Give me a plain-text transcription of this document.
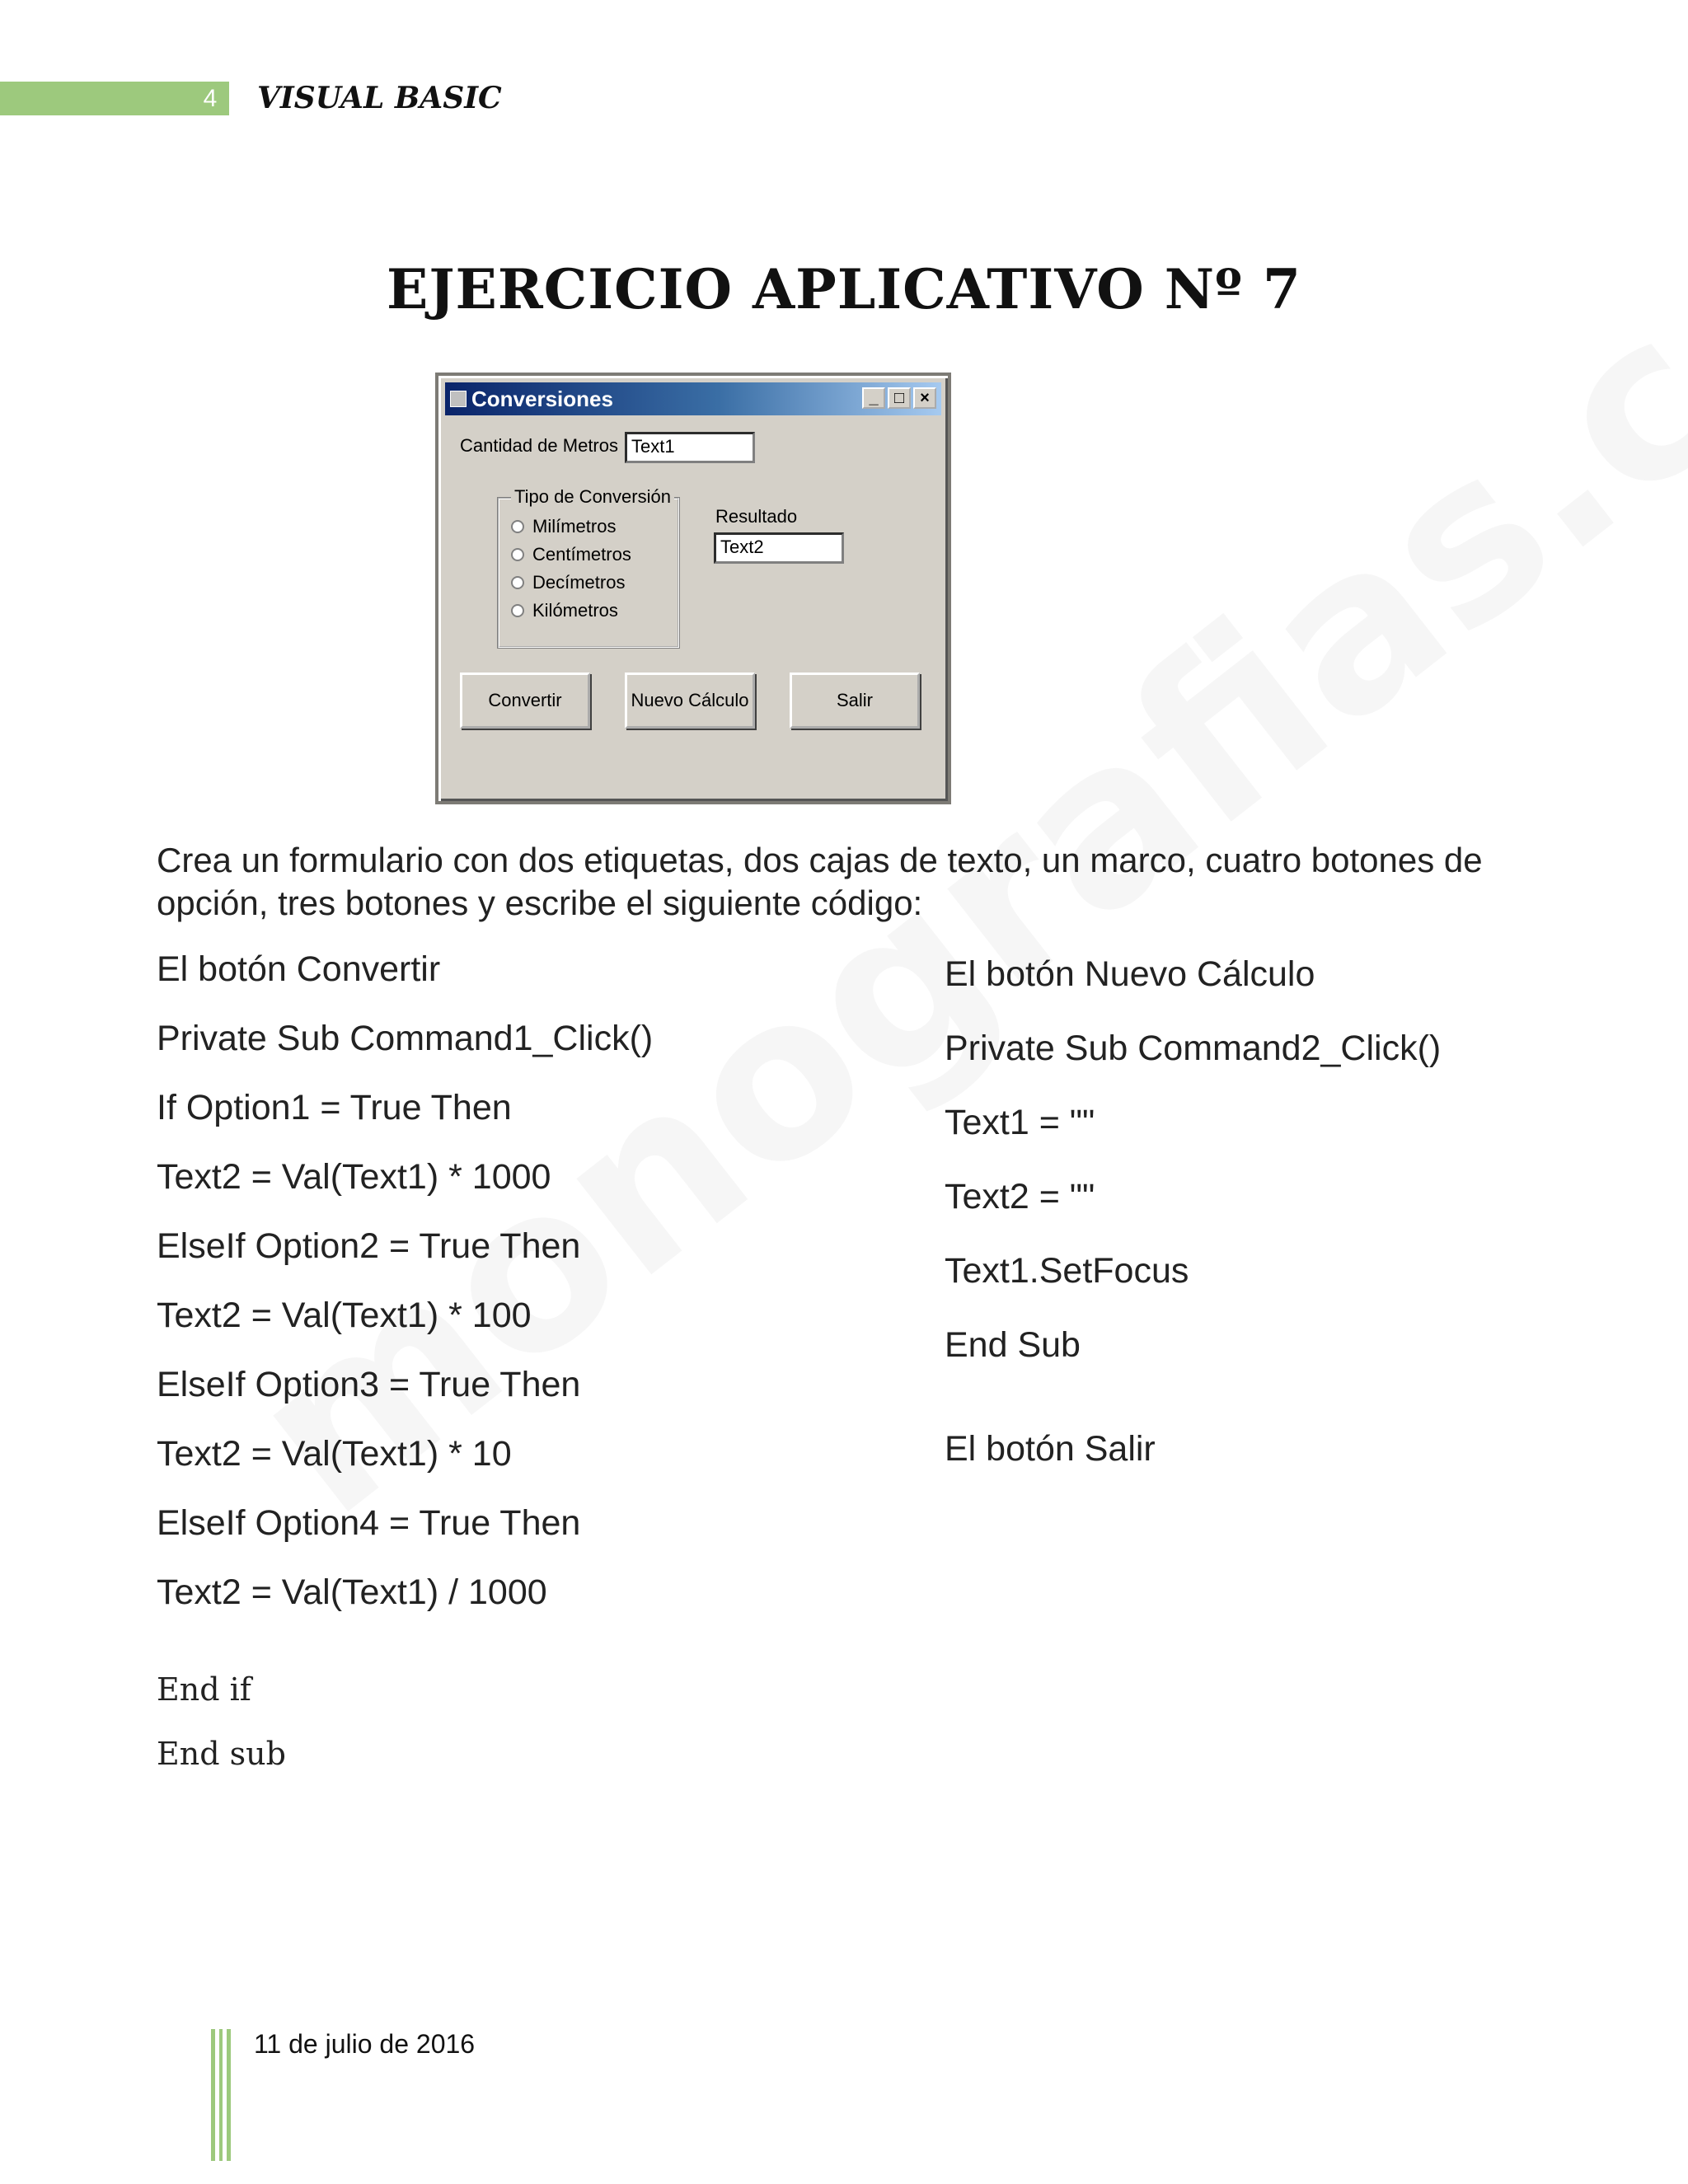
4 VISUAL BASIC
EJERCICIO APLICATIVO Nº 7
Conversiones	_ □ ×
Cantidad de Metros Text1
Tipo de Conversión
Milímetros
Centímetros
Decímetros
Kilómetros
Resultado
Text2
Convertir	Nuevo Cálculo	Salir
Crea un formulario con dos etiquetas, dos cajas de texto, un marco, cuatro botones de opción, tres botones y escribe el siguiente código:
El botón Convertir
Private Sub Command1_Click()
If Option1 = True Then
Text2 = Val(Text1) * 1000
ElseIf Option2 = True Then
Text2 = Val(Text1) * 100
ElseIf Option3 = True Then
Text2 = Val(Text1) * 10
ElseIf Option4 = True Then
Text2 = Val(Text1) / 1000
End if
End sub
El botón Nuevo Cálculo
Private Sub Command2_Click()
Text1 = ""
Text2 = ""
Text1.SetFocus
End Sub
El botón Salir
11 de julio de 2016
